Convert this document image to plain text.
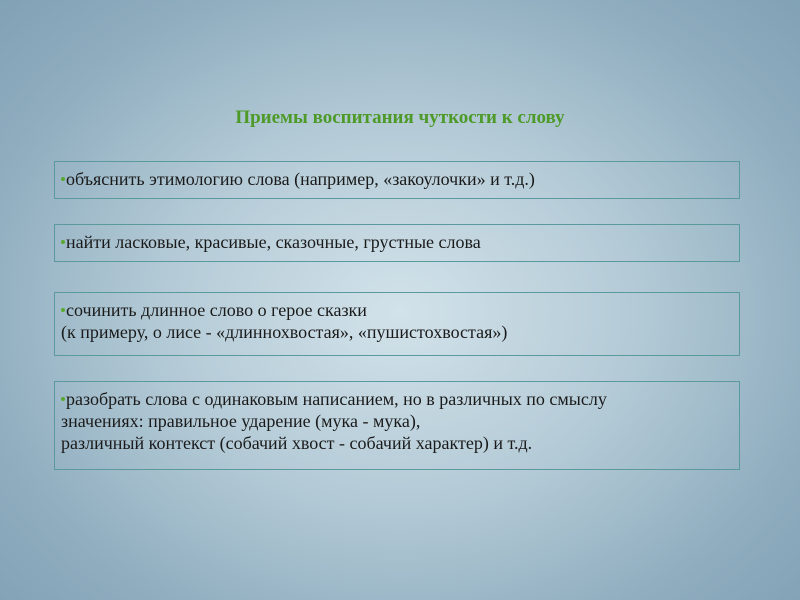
Приемы воспитания чуткости к слову
объяснить этимологию слова (например, «закоулочки» и т.д.)
найти ласковые, красивые, сказочные, грустные слова
сочинить длинное слово о герое сказки
(к примеру, о лисе - «длиннохвостая», «пушистохвостая»)
разобрать слова с одинаковым написанием, но в различных по смыслу
значениях: правильное ударение (мука - мука),
различный контекст (собачий хвост - собачий характер) и т.д.
